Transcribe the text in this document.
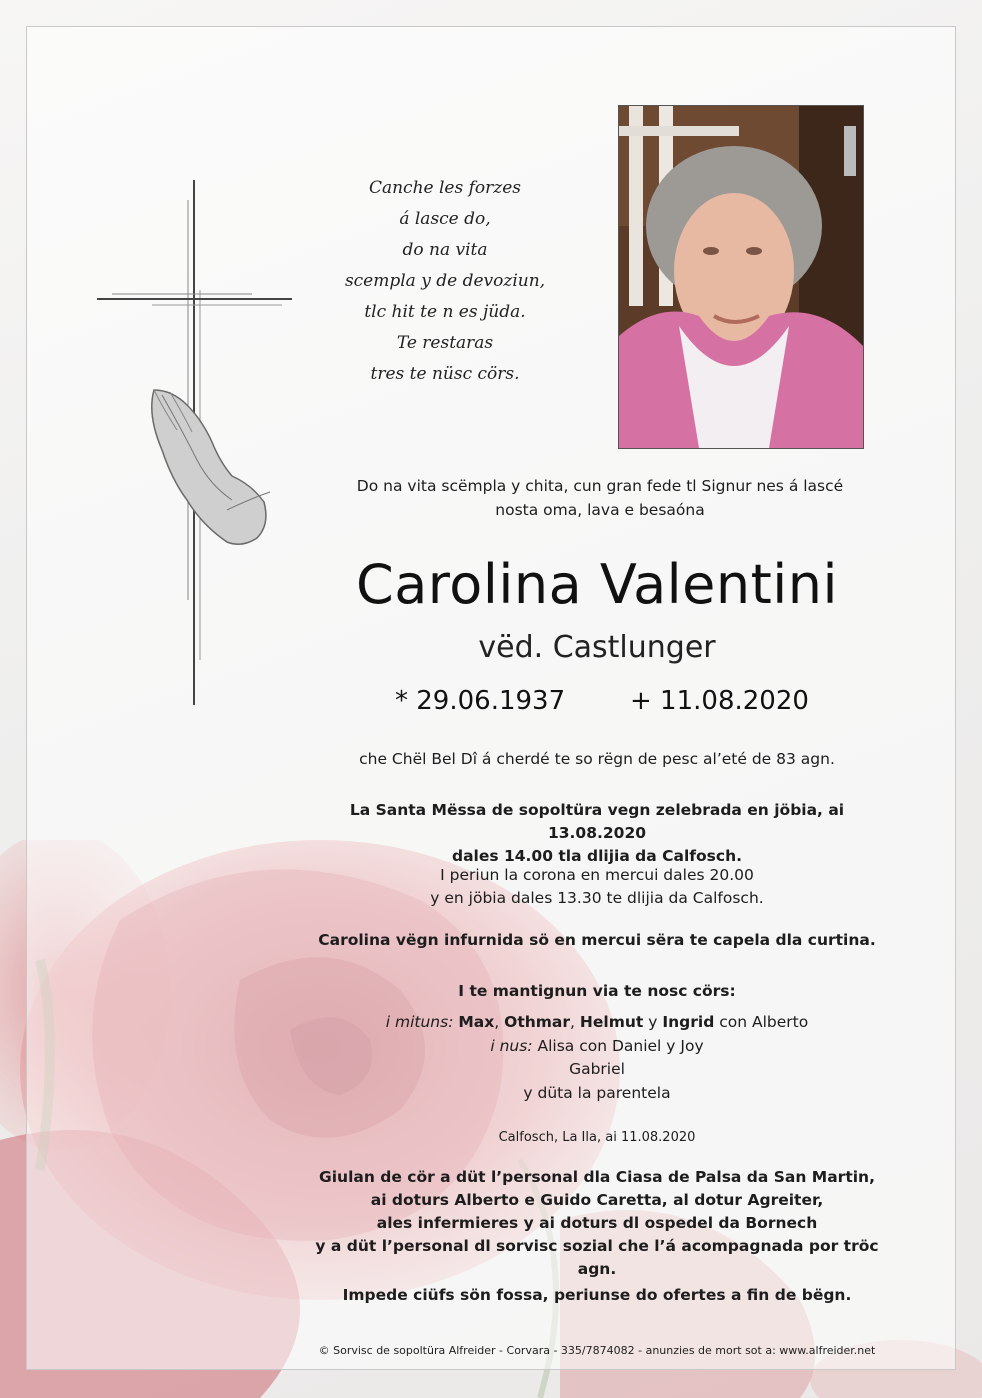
Canche les forzes
á lasce do,
do na vita
scempla y de devoziun,
tlc hit te n es jüda.
Te restaras
tres te nüsc cörs.
Do na vita scëmpla y chita, cun gran fede tl Signur nes á lascé
nosta oma, lava e besaóna
Carolina Valentini
vëd. Castlunger
* 29.06.1937 + 11.08.2020
che Chël Bel Dî á cherdé te so rëgn de pesc al’eté de 83 agn.
La Santa Mëssa de sopoltüra vegn zelebrada en jöbia, ai 13.08.2020
dales 14.00 tla dlijia da Calfosch.
I periun la corona en mercui dales 20.00
y en jöbia dales 13.30 te dlijia da Calfosch.
Carolina vëgn infurnida sö en mercui sëra te capela dla curtina.
I te mantignun via te nosc cörs:
i mituns: Max, Othmar, Helmut y Ingrid con Alberto
i nus: Alisa con Daniel y Joy
Gabriel
y düta la parentela
Calfosch, La Ila, ai 11.08.2020
Giulan de cör a düt l’personal dla Ciasa de Palsa da San Martin,
ai doturs Alberto e Guido Caretta, al dotur Agreiter,
ales infermieres y ai doturs dl ospedel da Bornech
y a düt l’personal dl sorvisc sozial che l’á acompagnada por tröc agn.
Impede ciüfs sön fossa, periunse do ofertes a fin de bëgn.
© Sorvisc de sopoltüra Alfreider - Corvara - 335/7874082 - anunzies de mort sot a: www.alfreider.net
